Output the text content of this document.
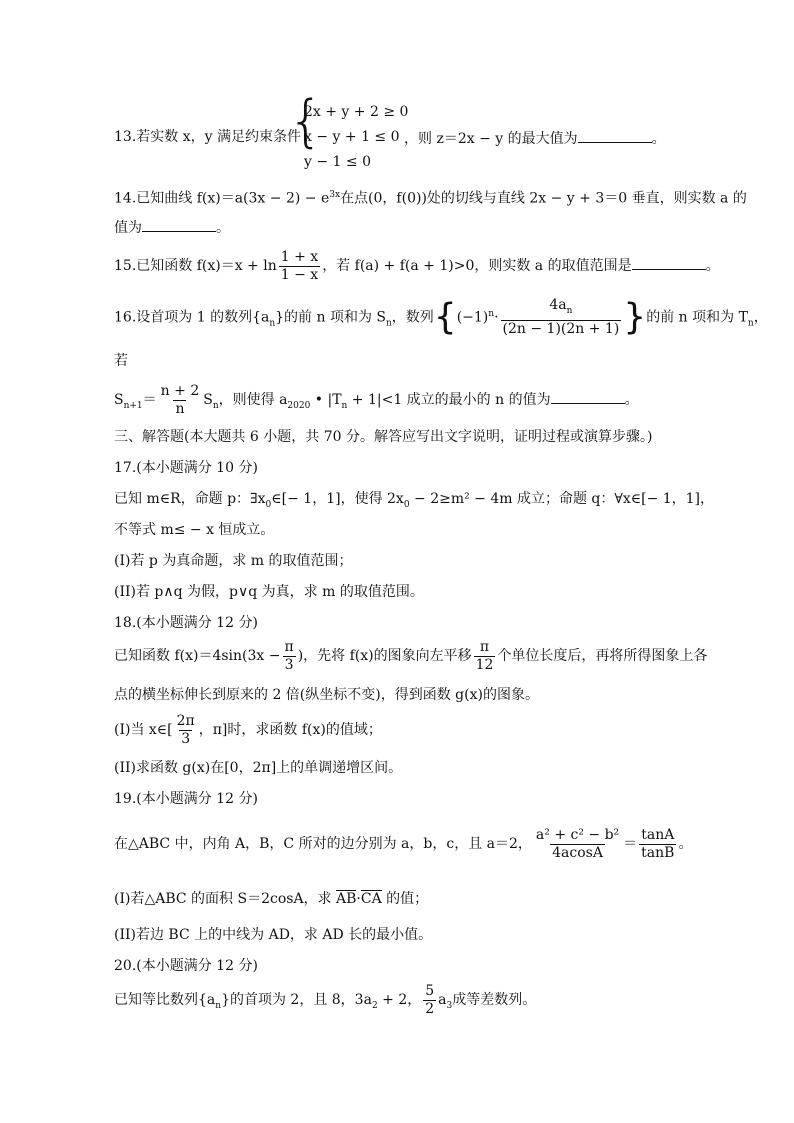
13.若实数 x，y 满足约束条件
{
2x + y + 2 ≥ 0
x − y + 1 ≤ 0
y − 1 ≤ 0
，则 z＝2x − y 的最大值为	。
14.已知曲线 $f(x)=a(3x - 2) - e^{3x}$在点(0，f(0))处的切线与直线 2x − y + 3＝0 垂直，则实数 a 的
值为	。
15.已知函数 $f(x)=x + \ln \frac{1 + x}{1 - x}$ ，若 f(a) + f(a + 1)>0，则实数 a 的取值范围是	。
16.设首项为 1 的数列$\{a_n\}$的前 n 项和为 $S_n$，数列{$(-1)^n\cdot \frac{4a_n}{(2n - 1)(2n + 1)}$ }的前 n 项和为 $T_n$，
若
$S_{n+1}= \frac{n + 2}{n} S_n$，则使得 $a_{2020}$ • $|T_n + 1|<1$ 成立的最小的 n 的值为	。
三、解答题(本大题共 6 小题，共 70 分。解答应写出文字说明，证明过程或演算步骤。)
17.(本小题满分 10 分)
已知 m∈R，命题 p：$\exists x_0\in[- 1$，1]，使得 $2x_0 - 2\ge m^2 - 4m$ 成立；命题 q：∀x∈[− 1，1]，
不等式 m≤ − x 恒成立。
(I)若 p 为真命题，求 m 的取值范围；
(II)若 p∧q 为假，p∨q 为真，求 m 的取值范围。
18.(本小题满分 12 分)
已知函数 $f(x)=4\sin(3x - \frac{\pi}{3}$ )，先将 f(x)的图象向左平移 $\frac{\pi}{12}$ 个单位长度后，再将所得图象上各
点的横坐标伸长到原来的 2 倍(纵坐标不变)，得到函数 g(x)的图象。
(I)当 x∈[ $\frac{2\pi}{3}$ ，π]时，求函数 f(x)的值域；
(II)求函数 g(x)在[0，2π]上的单调递增区间。
19.(本小题满分 12 分)
在△ABC 中，内角 A，B，C 所对的边分别为 a，b，c，且 a＝2， $\frac{\text{a² + c² − b²}}{4acosA} = \frac{\tan A}{\tan B}$ 。
(I)若△ABC 的面积 S＝2cosA，求 AB·CA 的值；
(II)若边 BC 上的中线为 AD，求 AD 长的最小值。
20.(本小题满分 12 分)
已知等比数列$\{a_n\}$的首项为 2，且 8，$3a_2 + 2$， $\frac{5}{2} a_3$成等差数列。
